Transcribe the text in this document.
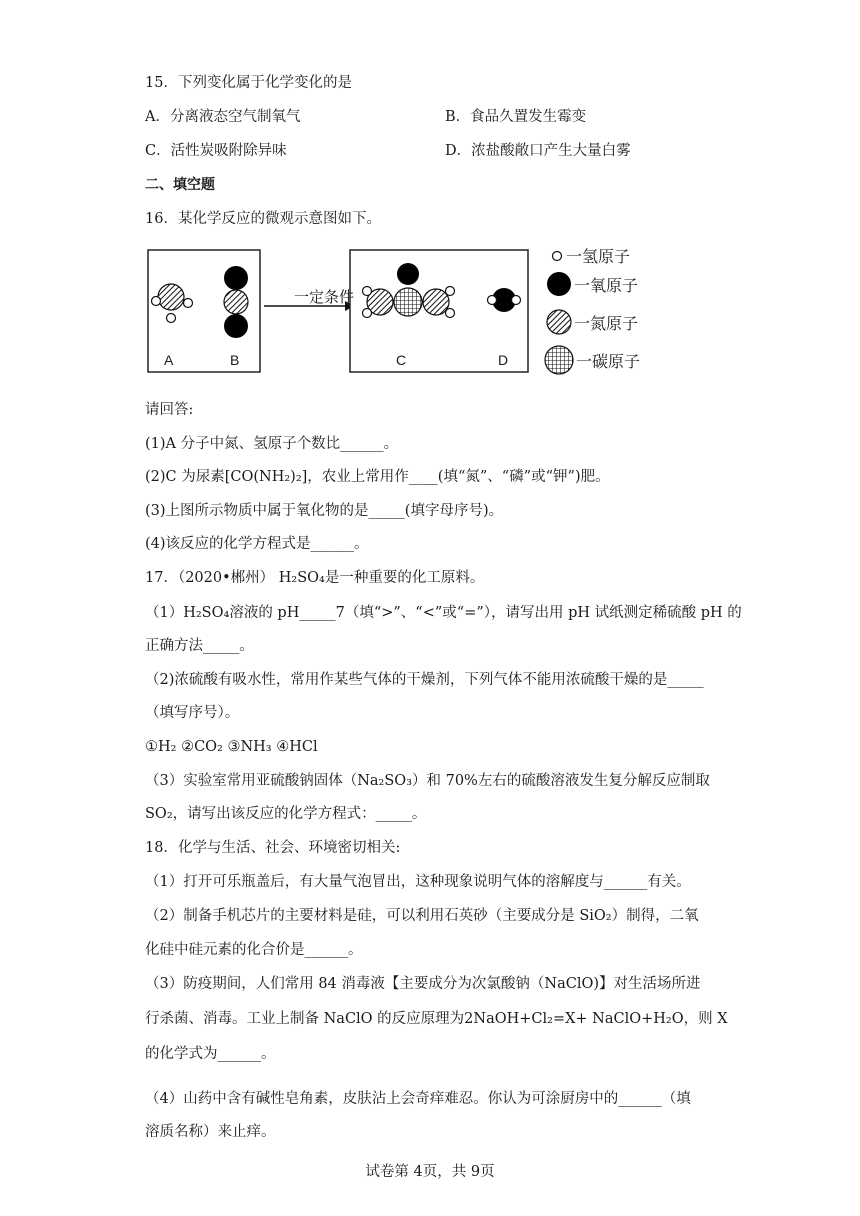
15．下列变化属于化学变化的是
A．分离液态空气制氧气	B．食品久置发生霉变
C．活性炭吸附除异味	D．浓盐酸敞口产生大量白雾
二、填空题
16．某化学反应的微观示意图如下。
一定条件
A	B	C	D
一氢原子
一氧原子
一氮原子
一碳原子
请回答:
(1)A 分子中氮、氢原子个数比______。
(2)C 为尿素[CO(NH₂)₂]，农业上常用作____(填“氮”、“磷”或“钾”)肥。
(3)上图所示物质中属于氧化物的是_____(填字母序号)。
(4)该反应的化学方程式是______。
17．（2020•郴州） H₂SO₄是一种重要的化工原料。
（1）H₂SO₄溶液的 pH_____7（填“>”、“<”或“=”），请写出用 pH 试纸测定稀硫酸 pH 的
正确方法_____。
（2)浓硫酸有吸水性，常用作某些气体的干燥剂，下列气体不能用浓硫酸干燥的是_____
（填写序号）。
①H₂ ②CO₂ ③NH₃ ④HCl
（3）实验室常用亚硫酸钠固体（Na₂SO₃）和 70%左右的硫酸溶液发生复分解反应制取
SO₂，请写出该反应的化学方程式：_____。
18．化学与生活、社会、环境密切相关:
（1）打开可乐瓶盖后，有大量气泡冒出，这种现象说明气体的溶解度与______有关。
（2）制备手机芯片的主要材料是硅，可以利用石英砂（主要成分是 SiO₂）制得，二氧
化硅中硅元素的化合价是______。
（3）防疫期间，人们常用 84 消毒液【主要成分为次氯酸钠（NaClO)】对生活场所进
行杀菌、消毒。工业上制备 NaClO 的反应原理为2NaOH+Cl₂=X+ NaClO+H₂O，则 X
的化学式为______。
（4）山药中含有碱性皂角素，皮肤沾上会奇痒难忍。你认为可涂厨房中的______（填
溶质名称）来止痒。
试卷第 4页，共 9页
